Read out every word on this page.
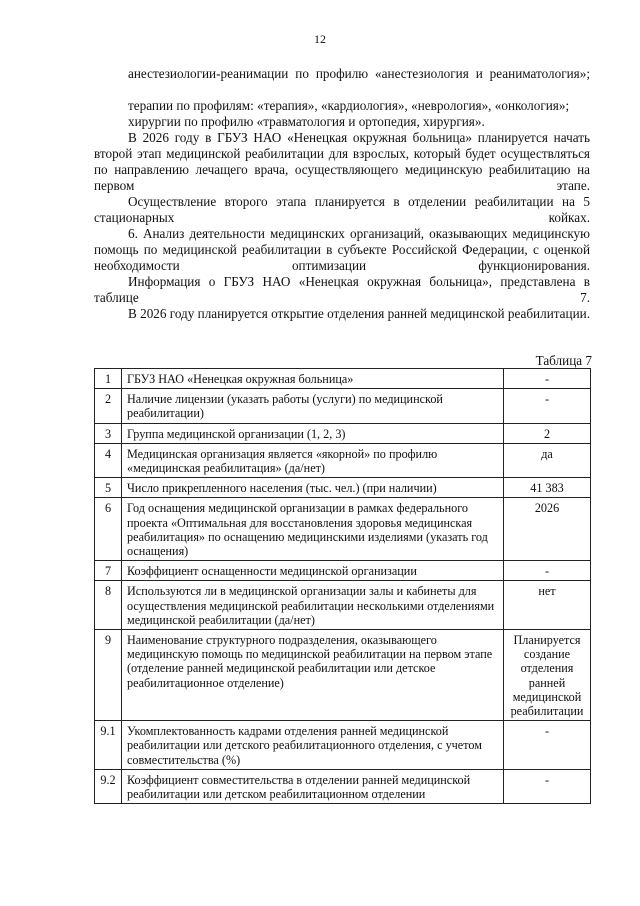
12

анестезиологии-реанимации по профилю «анестезиология и реаниматология»;

терапии по профилям: «терапия», «кардиология», «неврология», «онкология»;

хирургии по профилю «травматология и ортопедия, хирургия».

В 2026 году в ГБУЗ НАО «Ненецкая окружная больница» планируется начать второй этап медицинской реабилитации для взрослых, который будет осуществляться по направлению лечащего врача, осуществляющего медицинскую реабилитацию на первом этапе.

Осуществление второго этапа планируется в отделении реабилитации на 5 стационарных койках.

6. Анализ деятельности медицинских организаций, оказывающих медицинскую помощь по медицинской реабилитации в субъекте Российской Федерации, с оценкой необходимости оптимизации функционирования.

Информация о ГБУЗ НАО «Ненецкая окружная больница», представлена в таблице 7.

В 2026 году планируется открытие отделения ранней медицинской реабилитации.

Таблица 7
1	ГБУЗ НАО «Ненецкая окружная больница»	-
2	Наличие лицензии (указать работы (услуги) по медицинской реабилитации)	-
3	Группа медицинской организации (1, 2, 3)	2
4	Медицинская организация является «якорной» по профилю «медицинская реабилитация» (да/нет)	да
5	Число прикрепленного населения (тыс. чел.) (при наличии)	41 383
6	Год оснащения медицинской организации в рамках федерального проекта «Оптимальная для восстановления здоровья медицинская реабилитация» по оснащению медицинскими изделиями (указать год оснащения)	2026
7	Коэффициент оснащенности медицинской организации	-
8	Используются ли в медицинской организации залы и кабинеты для осуществления медицинской реабилитации несколькими отделениями медицинской реабилитации (да/нет)	нет
9	Наименование структурного подразделения, оказывающего медицинскую помощь по медицинской реабилитации на первом этапе (отделение ранней медицинской реабилитации или детское реабилитационное отделение)	Планируется создание отделения ранней медицинской реабилитации
9.1	Укомплектованность кадрами отделения ранней медицинской реабилитации или детского реабилитационного отделения, с учетом совместительства (%)	-
9.2	Коэффициент совместительства в отделении ранней медицинской реабилитации или детском реабилитационном отделении	-
